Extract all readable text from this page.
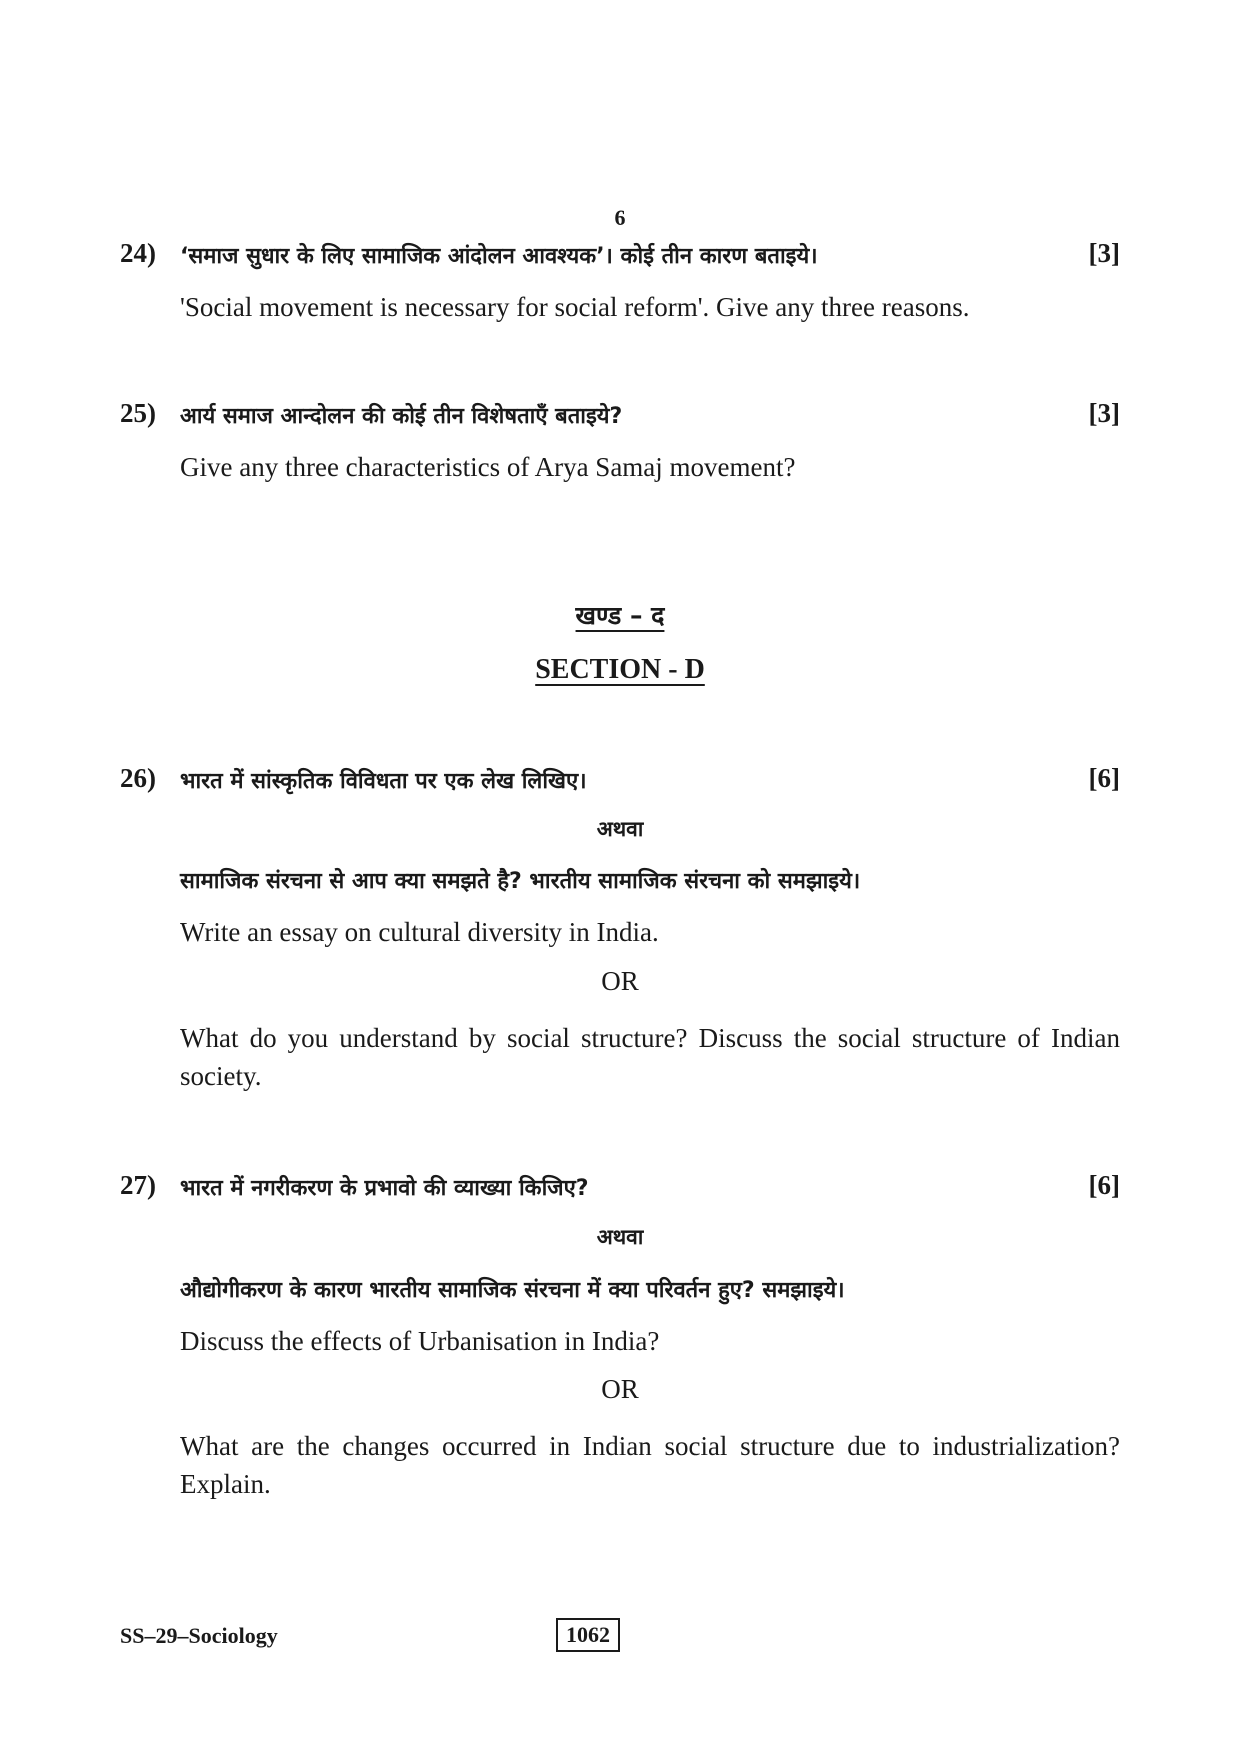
6
24)	[3]
‘समाज सुधार के लिए सामाजिक आंदोलन आवश्यक’। कोई तीन कारण बताइये।
'Social movement is necessary for social reform'. Give any three reasons.
25)	[3]
आर्य समाज आन्दोलन की कोई तीन विशेषताएँ बताइये?
Give any three characteristics of Arya Samaj movement?
खण्ड – द
SECTION - D
26)	[6]
भारत में सांस्कृतिक विविधता पर एक लेख लिखिए।
अथवा
सामाजिक संरचना से आप क्या समझते है? भारतीय सामाजिक संरचना को समझाइये।
Write an essay on cultural diversity in India.
OR
What do you understand by social structure? Discuss the social structure of Indian society.
27)	[6]
भारत में नगरीकरण के प्रभावो की व्याख्या किजिए?
अथवा
औद्योगीकरण के कारण भारतीय सामाजिक संरचना में क्या परिवर्तन हुए? समझाइये।
Discuss the effects of Urbanisation in India?
OR
What are the changes occurred in Indian social structure due to industrialization? Explain.
SS–29–Sociology	1062
